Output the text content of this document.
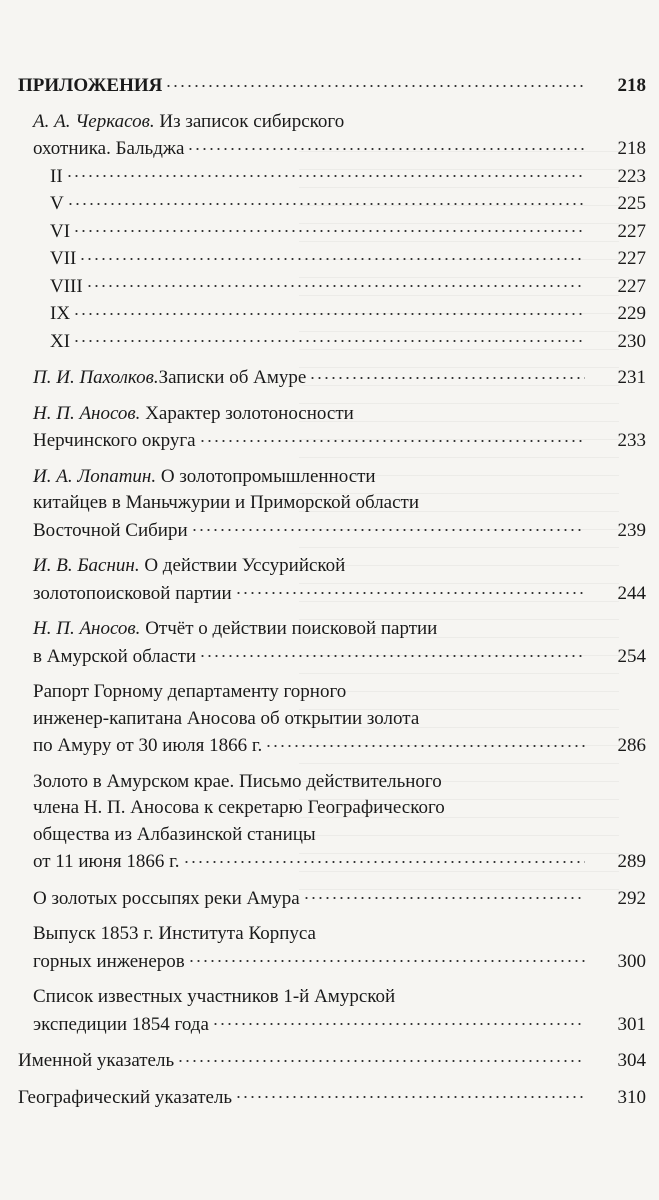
ПРИЛОЖЕНИЯ	218
А. А. Черкасов. Из записок сибирского
охотника. Бальджа	218
II	223
V	225
VI	227
VII	227
VIII	227
IX	229
XI	230
П. И. Пахолков. Записки об Амуре	231
Н. П. Аносов. Характер золотоносности
Нерчинского округа	233
И. А. Лопатин. О золотопромышленности
китайцев в Маньчжурии и Приморской области
Восточной Сибири	239
И. В. Баснин. О действии Уссурийской
золотопоисковой партии	244
Н. П. Аносов. Отчёт о действии поисковой партии
в Амурской области	254
Рапорт Горному департаменту горного
инженер-капитана Аносова об открытии золота
по Амуру от 30 июля 1866 г.	286
Золото в Амурском крае. Письмо действительного
члена Н. П. Аносова к секретарю Географического
общества из Албазинской станицы
от 11 июня 1866 г.	289
О золотых россыпях реки Амура	292
Выпуск 1853 г. Института Корпуса
горных инженеров	300
Список известных участников 1-й Амурской
экспедиции 1854 года	301
Именной указатель	304
Географический указатель	310
